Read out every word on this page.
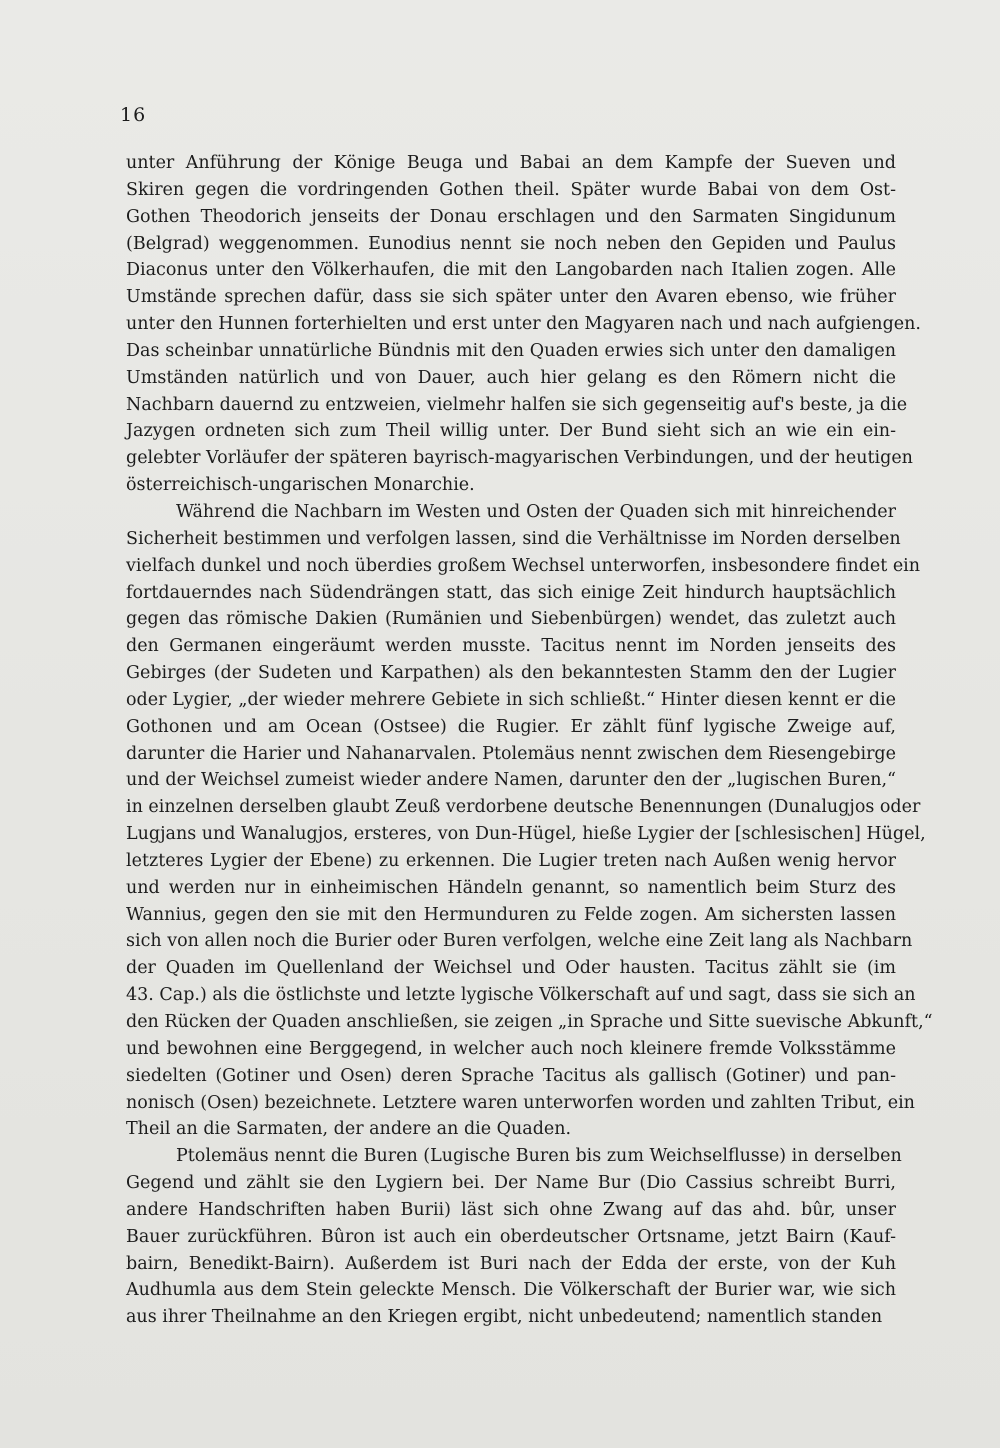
16
unter Anführung der Könige Beuga und Babai an dem Kampfe der Sueven und
Skiren gegen die vordringenden Gothen theil. Später wurde Babai von dem Ost-
Gothen Theodorich jenseits der Donau erschlagen und den Sarmaten Singidunum
(Belgrad) weggenommen. Eunodius nennt sie noch neben den Gepiden und Paulus
Diaconus unter den Völkerhaufen, die mit den Langobarden nach Italien zogen. Alle
Umstände sprechen dafür, dass sie sich später unter den Avaren ebenso, wie früher
unter den Hunnen forterhielten und erst unter den Magyaren nach und nach aufgiengen.
Das scheinbar unnatürliche Bündnis mit den Quaden erwies sich unter den damaligen
Umständen natürlich und von Dauer, auch hier gelang es den Römern nicht die
Nachbarn dauernd zu entzweien, vielmehr halfen sie sich gegenseitig auf's beste, ja die
Jazygen ordneten sich zum Theil willig unter. Der Bund sieht sich an wie ein ein-
gelebter Vorläufer der späteren bayrisch-magyarischen Verbindungen, und der heutigen
österreichisch-ungarischen Monarchie.
Während die Nachbarn im Westen und Osten der Quaden sich mit hinreichender
Sicherheit bestimmen und verfolgen lassen, sind die Verhältnisse im Norden derselben
vielfach dunkel und noch überdies großem Wechsel unterworfen, insbesondere findet ein
fortdauerndes nach Südendrängen statt, das sich einige Zeit hindurch hauptsächlich
gegen das römische Dakien (Rumänien und Siebenbürgen) wendet, das zuletzt auch
den Germanen eingeräumt werden musste. Tacitus nennt im Norden jenseits des
Gebirges (der Sudeten und Karpathen) als den bekanntesten Stamm den der Lugier
oder Lygier, „der wieder mehrere Gebiete in sich schließt.“ Hinter diesen kennt er die
Gothonen und am Ocean (Ostsee) die Rugier. Er zählt fünf lygische Zweige auf,
darunter die Harier und Nahanarvalen. Ptolemäus nennt zwischen dem Riesengebirge
und der Weichsel zumeist wieder andere Namen, darunter den der „lugischen Buren,“
in einzelnen derselben glaubt Zeuß verdorbene deutsche Benennungen (Dunalugjos oder
Lugjans und Wanalugjos, ersteres, von Dun-Hügel, hieße Lygier der [schlesischen] Hügel,
letzteres Lygier der Ebene) zu erkennen. Die Lugier treten nach Außen wenig hervor
und werden nur in einheimischen Händeln genannt, so namentlich beim Sturz des
Wannius, gegen den sie mit den Hermunduren zu Felde zogen. Am sichersten lassen
sich von allen noch die Burier oder Buren verfolgen, welche eine Zeit lang als Nachbarn
der Quaden im Quellenland der Weichsel und Oder hausten. Tacitus zählt sie (im
43. Cap.) als die östlichste und letzte lygische Völkerschaft auf und sagt, dass sie sich an
den Rücken der Quaden anschließen, sie zeigen „in Sprache und Sitte suevische Abkunft,“
und bewohnen eine Berggegend, in welcher auch noch kleinere fremde Volksstämme
siedelten (Gotiner und Osen) deren Sprache Tacitus als gallisch (Gotiner) und pan-
nonisch (Osen) bezeichnete. Letztere waren unterworfen worden und zahlten Tribut, ein
Theil an die Sarmaten, der andere an die Quaden.
Ptolemäus nennt die Buren (Lugische Buren bis zum Weichselflusse) in derselben
Gegend und zählt sie den Lygiern bei. Der Name Bur (Dio Cassius schreibt Burri,
andere Handschriften haben Burii) läst sich ohne Zwang auf das ahd. bûr, unser
Bauer zurückführen. Bûron ist auch ein oberdeutscher Ortsname, jetzt Bairn (Kauf-
bairn, Benedikt-Bairn). Außerdem ist Buri nach der Edda der erste, von der Kuh
Audhumla aus dem Stein geleckte Mensch. Die Völkerschaft der Burier war, wie sich
aus ihrer Theilnahme an den Kriegen ergibt, nicht unbedeutend; namentlich standen
